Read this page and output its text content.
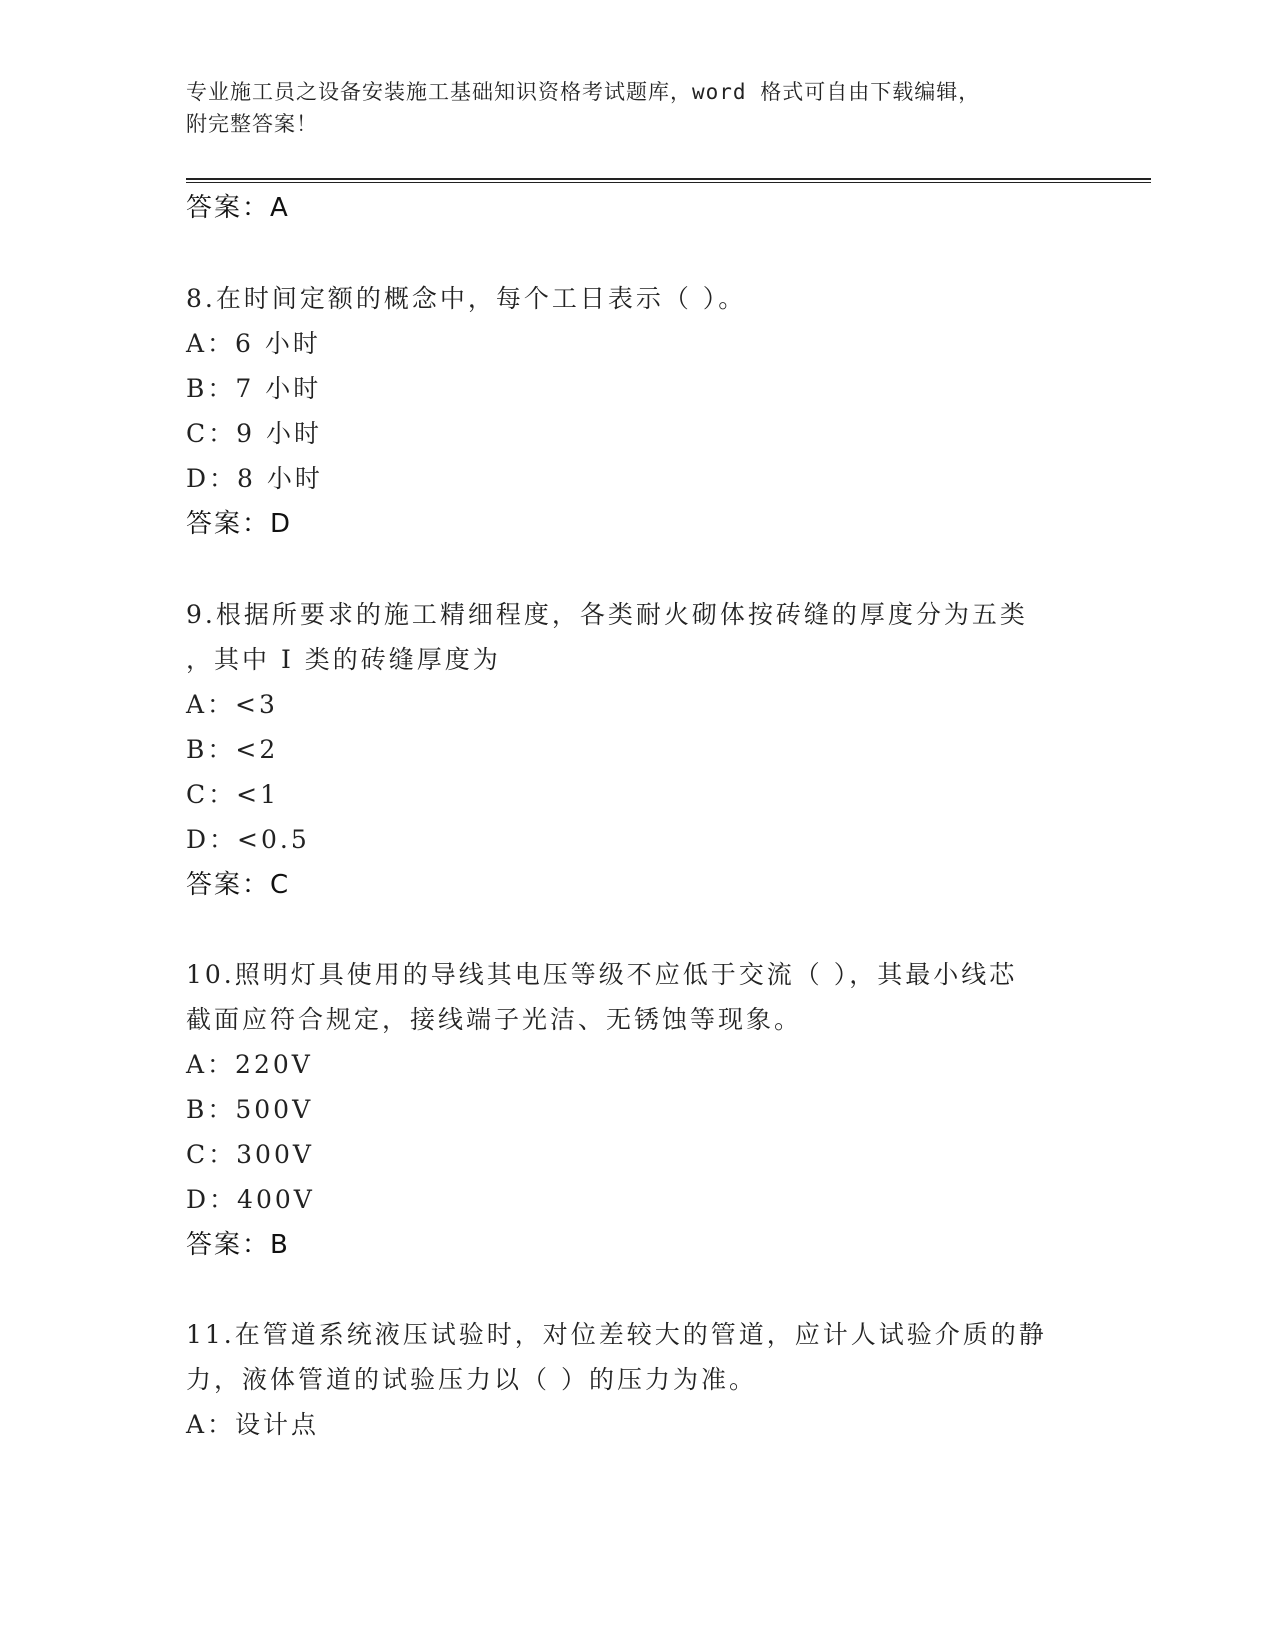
专业施工员之设备安装施工基础知识资格考试题库，word 格式可自由下载编辑，
附完整答案！
答案：A
8.在时间定额的概念中，每个工日表示（ ）。
A：6 小时
B：7 小时
C：9 小时
D：8 小时
答案：D
9.根据所要求的施工精细程度，各类耐火砌体按砖缝的厚度分为五类
，其中 I 类的砖缝厚度为
A：<3
B：<2
C：<1
D：<0.5
答案：C
10.照明灯具使用的导线其电压等级不应低于交流（ ），其最小线芯
截面应符合规定，接线端子光洁、无锈蚀等现象。
A：220V
B：500V
C：300V
D：400V
答案：B
11.在管道系统液压试验时，对位差较大的管道，应计人试验介质的静
力，液体管道的试验压力以（ ）的压力为准。
A：设计点
